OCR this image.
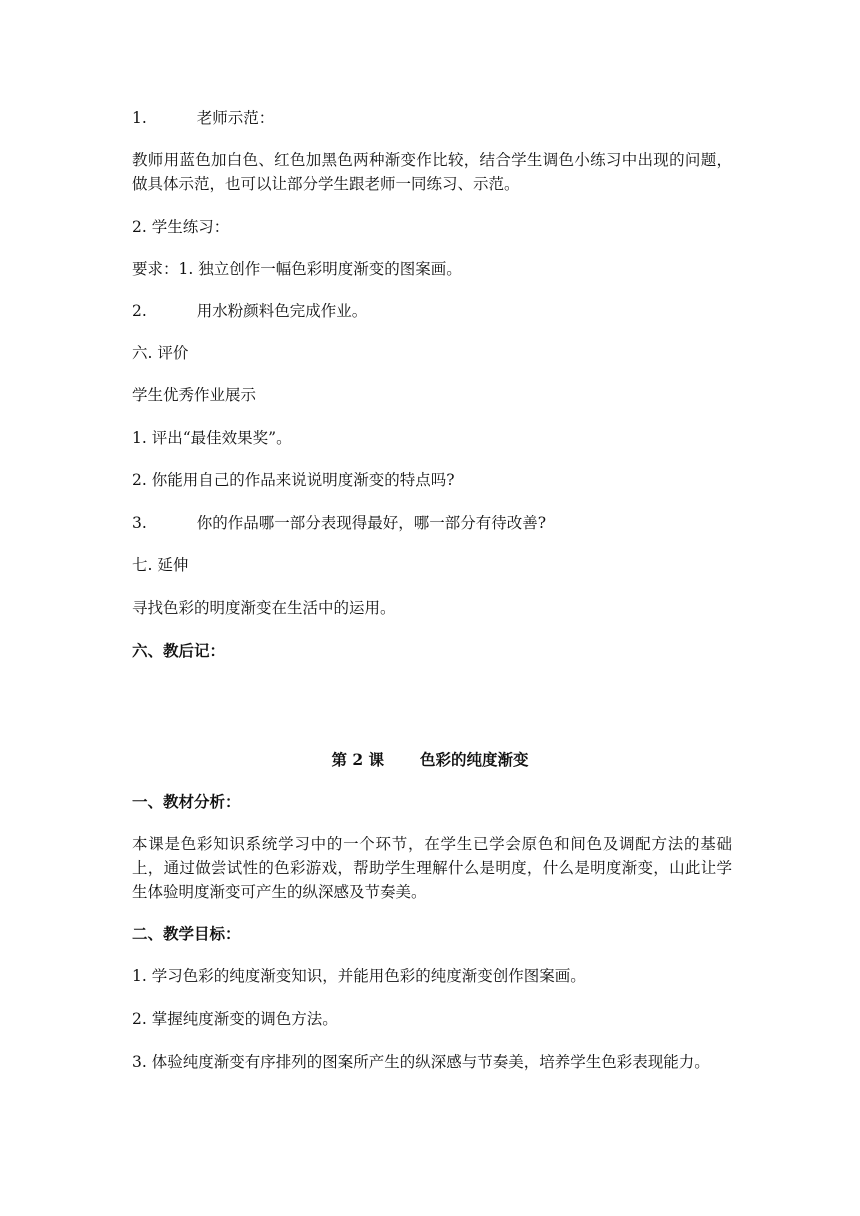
1.	老师示范：
教师用蓝色加白色、红色加黑色两种渐变作比较，结合学生调色小练习中出现的问题，做具体示范，也可以让部分学生跟老师一同练习、示范。
2. 学生练习：
要求：1. 独立创作一幅色彩明度渐变的图案画。
2.	用水粉颜料色完成作业。
六. 评价
学生优秀作业展示
1. 评出“最佳效果奖”。
2. 你能用自己的作品来说说明度渐变的特点吗?
3.	你的作品哪一部分表现得最好，哪一部分有待改善?
七. 延伸
寻找色彩的明度渐变在生活中的运用。
六、教后记：
第 2 课 色彩的纯度渐变
一、教材分析：
本课是色彩知识系统学习中的一个环节，在学生已学会原色和间色及调配方法的基础上，通过做尝试性的色彩游戏，帮助学生理解什么是明度，什么是明度渐变，山此让学生体验明度渐变可产生的纵深感及节奏美。
二、教学目标：
1. 学习色彩的纯度渐变知识，并能用色彩的纯度渐变创作图案画。
2. 掌握纯度渐变的调色方法。
3. 体验纯度渐变有序排列的图案所产生的纵深感与节奏美，培养学生色彩表现能力。
